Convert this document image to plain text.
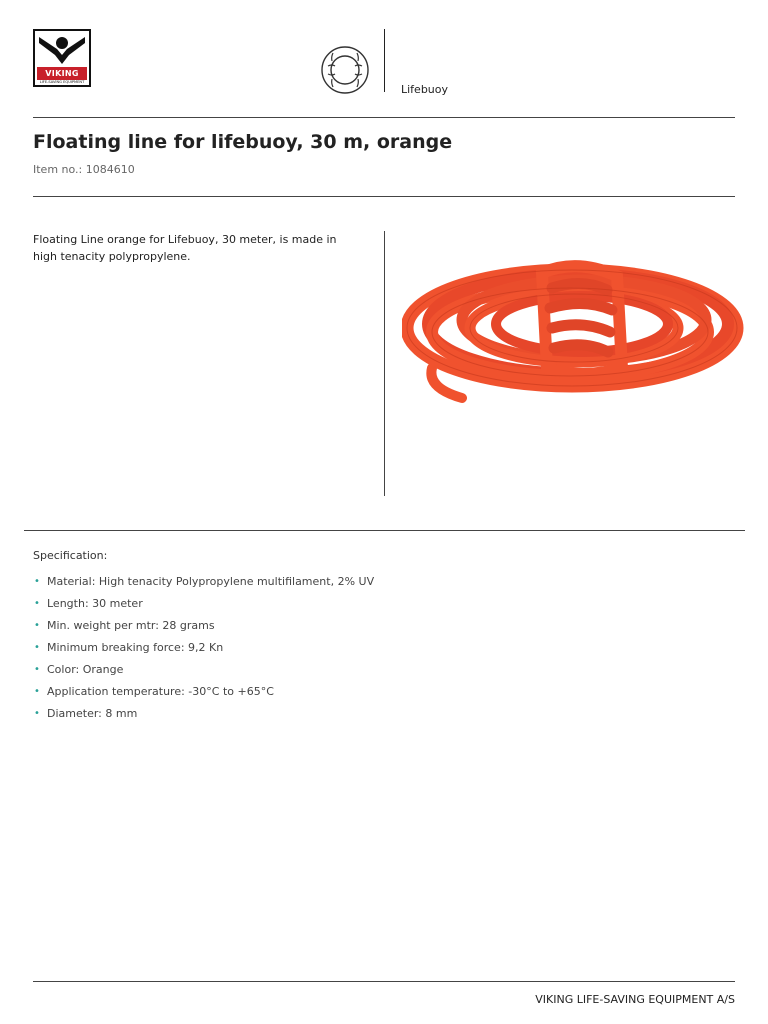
VIKING
LIFE-SAVING EQUIPMENT
Lifebuoy
Floating line for lifebuoy, 30 m, orange
Item no.: 1084610

Floating Line orange for Lifebuoy, 30 meter, is made in high tenacity polypropylene.

Specification:
• Material: High tenacity Polypropylene multifilament, 2% UV
• Length: 30 meter
• Min. weight per mtr: 28 grams
• Minimum breaking force: 9,2 Kn
• Color: Orange
• Application temperature: -30°C to +65°C
• Diameter: 8 mm
VIKING LIFE-SAVING EQUIPMENT A/S
